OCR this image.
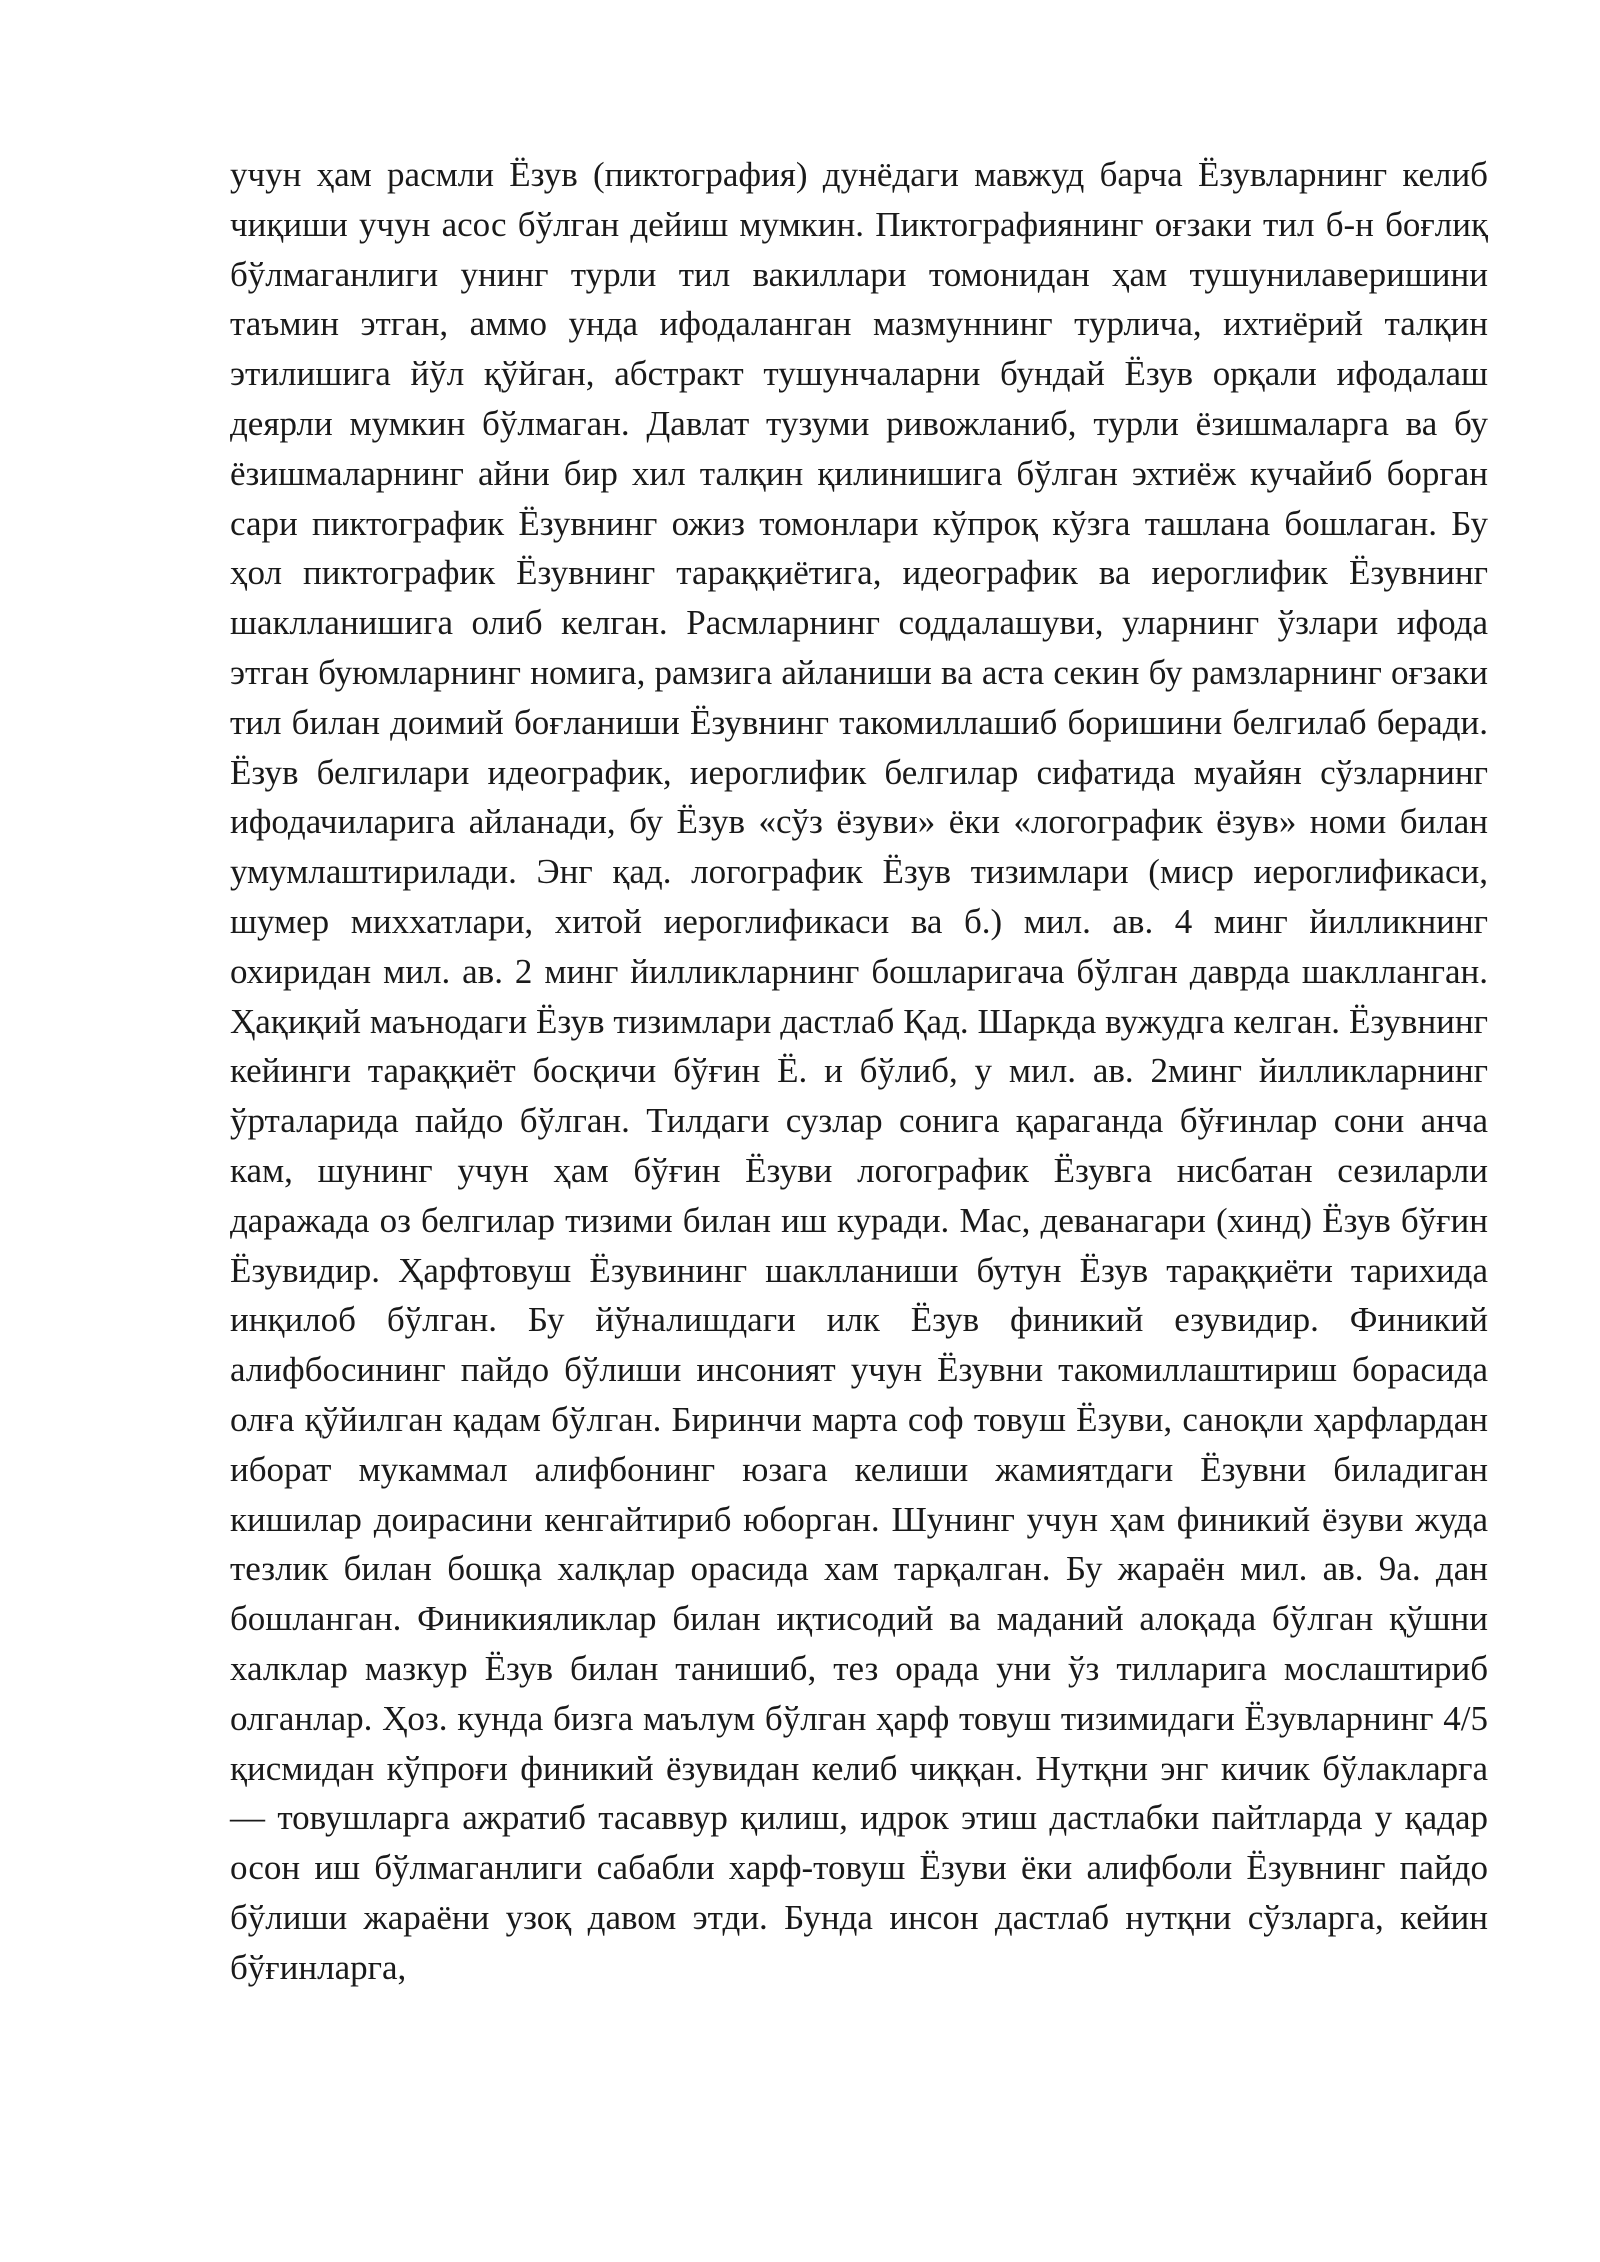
учун ҳам расмли Ёзув (пиктография) дунёдаги мавжуд барча Ёзувларнинг келиб чиқиши учун асос бўлган дейиш мумкин. Пиктографиянинг оғзаки тил б-н боғлиқ бўлмаганлиги унинг турли тил вакиллари томонидан ҳам тушунилаверишини таъмин этган, аммо унда ифодаланган мазмуннинг турлича, ихтиёрий талқин этилишига йўл қўйган, абстракт тушунчаларни бундай Ёзув орқали ифодалаш деярли мумкин бўлмаган. Давлат тузуми ривожланиб, турли ёзишмаларга ва бу ёзишмаларнинг айни бир хил талқин қилинишига бўлган эхтиёж кучайиб борган сари пиктографик Ёзувнинг ожиз томонлари кўпроқ кўзга ташлана бошлаган. Бу ҳол пиктографик Ёзувнинг тараққиётига, идеографик ва иероглифик Ёзувнинг шаклланишига олиб келган. Расмларнинг соддалашуви, уларнинг ўзлари ифода этган буюмларнинг номига, рамзига айланиши ва аста секин бу рамзларнинг оғзаки тил билан доимий боғланиши Ёзувнинг такомиллашиб боришини белгилаб беради. Ёзув белгилари идеографик, иероглифик белгилар сифатида муайян сўзларнинг ифодачиларига айланади, бу Ёзув «сўз ёзуви» ёки «логографик ёзув» номи билан умумлаштирилади. Энг қад. логографик Ёзув тизимлари (миср иероглификаси, шумер миххатлари, хитой иероглификаси ва б.) мил. ав. 4 минг йилликнинг охиридан мил. ав. 2 минг йилликларнинг бошларигача бўлган даврда шаклланган. Ҳақиқий маънодаги Ёзув тизимлари дастлаб Қад. Шаркда вужудга келган. Ёзувнинг кейинги тараққиёт босқичи бўғин Ё. и бўлиб, у мил. ав. 2минг йилликларнинг ўрталарида пайдо бўлган. Тилдаги сузлар сонига қараганда бўғинлар сони анча кам, шунинг учун ҳам бўғин Ёзуви логографик Ёзувга нисбатан сезиларли даражада оз белгилар тизими билан иш куради. Мас, деванагари (хинд) Ёзув бўғин Ёзувидир. Ҳарфтовуш Ёзувининг шаклланиши бутун Ёзув тараққиёти тарихида инқилоб бўлган. Бу йўналишдаги илк Ёзув финикий езувидир. Финикий алифбосининг пайдо бўлиши инсоният учун Ёзувни такомиллаштириш борасида олға қўйилган қадам бўлган. Биринчи марта соф товуш Ёзуви, саноқли ҳарфлардан иборат мукаммал алифбонинг юзага келиши жамиятдаги Ёзувни биладиган кишилар доирасини кенгайтириб юборган. Шунинг учун ҳам финикий ёзуви жуда тезлик билан бошқа халқлар орасида хам тарқалган. Бу жараён мил. ав. 9а. дан бошланган. Финикияликлар билан иқтисодий ва маданий алоқада бўлган қўшни халклар мазкур Ёзув билан танишиб, тез орада уни ўз тилларига мослаштириб олганлар. Ҳоз. кунда бизга маълум бўлган ҳарф товуш тизимидаги Ёзувларнинг 4/5 қисмидан кўпроғи финикий ёзувидан келиб чиққан. Нутқни энг кичик бўлакларга — товушларга ажратиб тасаввур қилиш, идрок этиш дастлабки пайтларда у қадар осон иш бўлмаганлиги сабабли харф-товуш Ёзуви ёки алифболи Ёзувнинг пайдо бўлиши жараёни узоқ давом этди. Бунда инсон дастлаб нутқни сўзларга, кейин бўғинларга,
